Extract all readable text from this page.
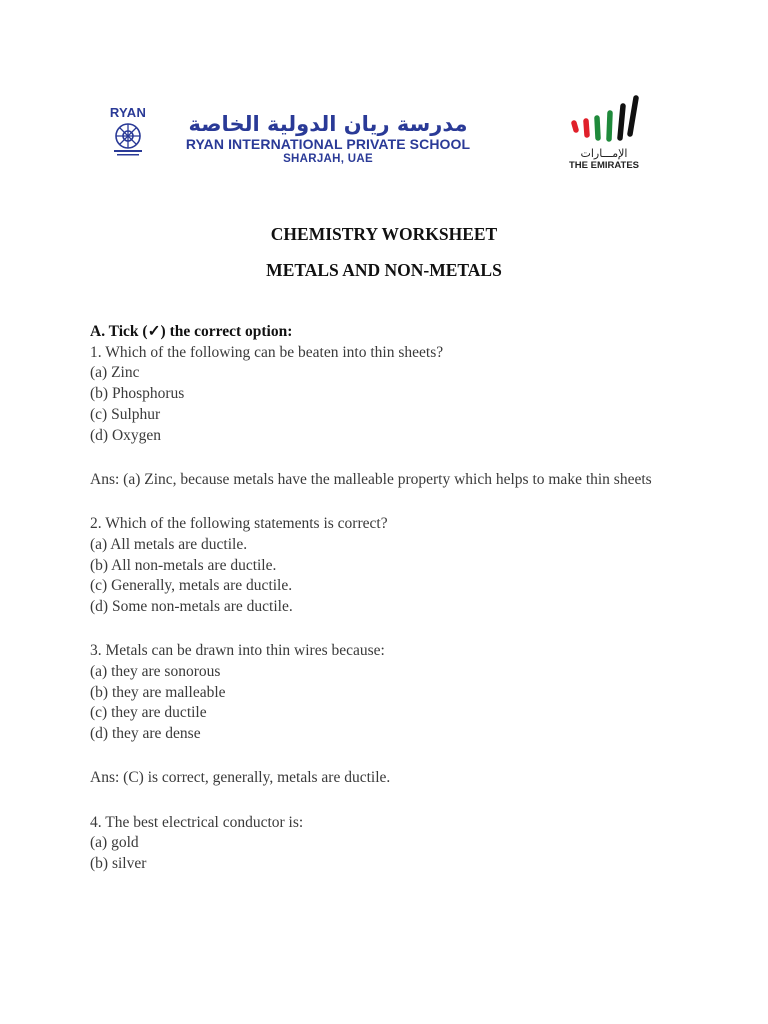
RYAN	مدرسة ريان الدولية الخاصة
RYAN INTERNATIONAL PRIVATE SCHOOL
SHARJAH, UAE	الإمـــارات
THE EMIRATES
CHEMISTRY WORKSHEET
METALS AND NON-METALS

A. Tick (✓) the correct option:

1. Which of the following can be beaten into thin sheets?

(a) Zinc

(b) Phosphorus

(c) Sulphur

(d) Oxygen

Ans: (a) Zinc, because metals have the malleable property which helps to make thin sheets

2. Which of the following statements is correct?

(a) All metals are ductile.

(b) All non-metals are ductile.

(c) Generally, metals are ductile.

(d) Some non-metals are ductile.

3. Metals can be drawn into thin wires because:

(a) they are sonorous

(b) they are malleable

(c) they are ductile

(d) they are dense

Ans: (C) is correct, generally, metals are ductile.

4. The best electrical conductor is:

(a) gold

(b) silver
